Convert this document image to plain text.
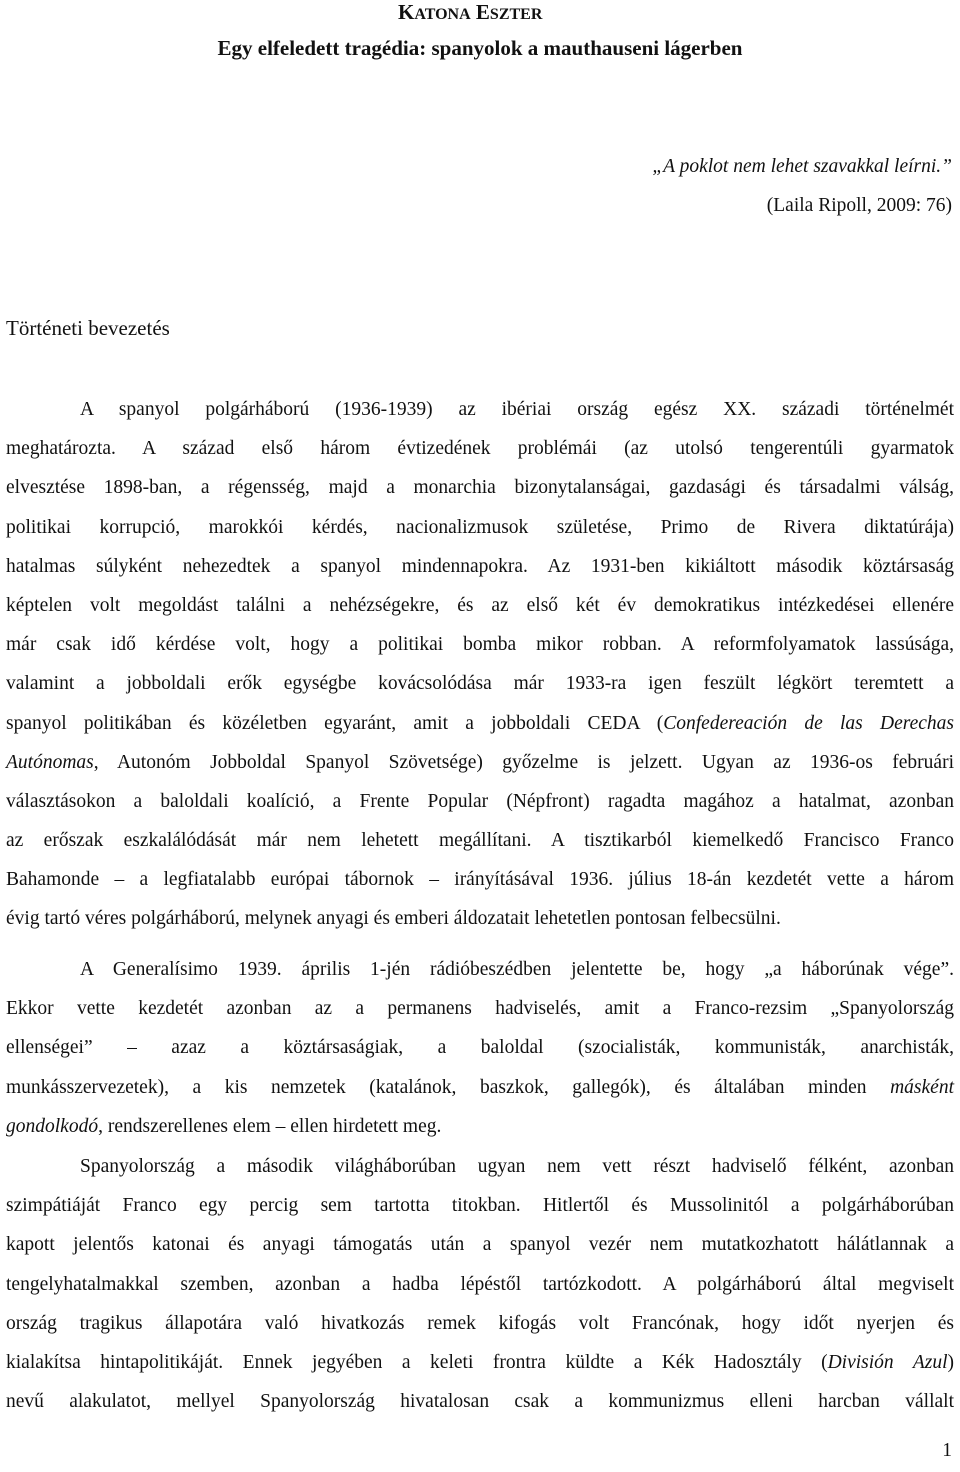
KATONA ESZTER
Egy elfeledett tragédia: spanyolok a mauthauseni lágerben
„A poklot nem lehet szavakkal leírni.”
(Laila Ripoll, 2009: 76)
Történeti bevezetés
A spanyol polgárháború (1936-1939) az ibériai ország egész XX. századi történelmét
meghatározta. A század első három évtizedének problémái (az utolsó tengerentúli gyarmatok
elvesztése 1898-ban, a régensség, majd a monarchia bizonytalanságai, gazdasági és társadalmi válság,
politikai korrupció, marokkói kérdés, nacionalizmusok születése, Primo de Rivera diktatúrája)
hatalmas súlyként nehezedtek a spanyol mindennapokra. Az 1931-ben kikiáltott második köztársaság
képtelen volt megoldást találni a nehézségekre, és az első két év demokratikus intézkedései ellenére
már csak idő kérdése volt, hogy a politikai bomba mikor robban. A reformfolyamatok lassúsága,
valamint a jobboldali erők egységbe kovácsolódása már 1933-ra igen feszült légkört teremtett a
spanyol politikában és közéletben egyaránt, amit a jobboldali CEDA (Confedereación de las Derechas
Autónomas, Autonóm Jobboldal Spanyol Szövetsége) győzelme is jelzett. Ugyan az 1936-os februári
választásokon a baloldali koalíció, a Frente Popular (Népfront) ragadta magához a hatalmat, azonban
az erőszak eszkalálódását már nem lehetett megállítani. A tisztikarból kiemelkedő Francisco Franco
Bahamonde – a legfiatalabb európai tábornok – irányításával 1936. július 18-án kezdetét vette a három
évig tartó véres polgárháború, melynek anyagi és emberi áldozatait lehetetlen pontosan felbecsülni.
A Generalísimo 1939. április 1-jén rádióbeszédben jelentette be, hogy „a háborúnak vége”.
Ekkor vette kezdetét azonban az a permanens hadviselés, amit a Franco-rezsim „Spanyolország
ellenségei” – azaz a köztársaságiak, a baloldal (szocialisták, kommunisták, anarchisták,
munkásszervezetek), a kis nemzetek (katalánok, baszkok, gallegók), és általában minden másként
gondolkodó, rendszerellenes elem – ellen hirdetett meg.
Spanyolország a második világháborúban ugyan nem vett részt hadviselő félként, azonban
szimpátiáját Franco egy percig sem tartotta titokban. Hitlertől és Mussolinitól a polgárháborúban
kapott jelentős katonai és anyagi támogatás után a spanyol vezér nem mutatkozhatott hálátlannak a
tengelyhatalmakkal szemben, azonban a hadba lépéstől tartózkodott. A polgárháború által megviselt
ország tragikus állapotára való hivatkozás remek kifogás volt Francónak, hogy időt nyerjen és
kialakítsa hintapolitikáját. Ennek jegyében a keleti frontra küldte a Kék Hadosztály (División Azul)
nevű alakulatot, mellyel Spanyolország hivatalosan csak a kommunizmus elleni harcban vállalt
1
